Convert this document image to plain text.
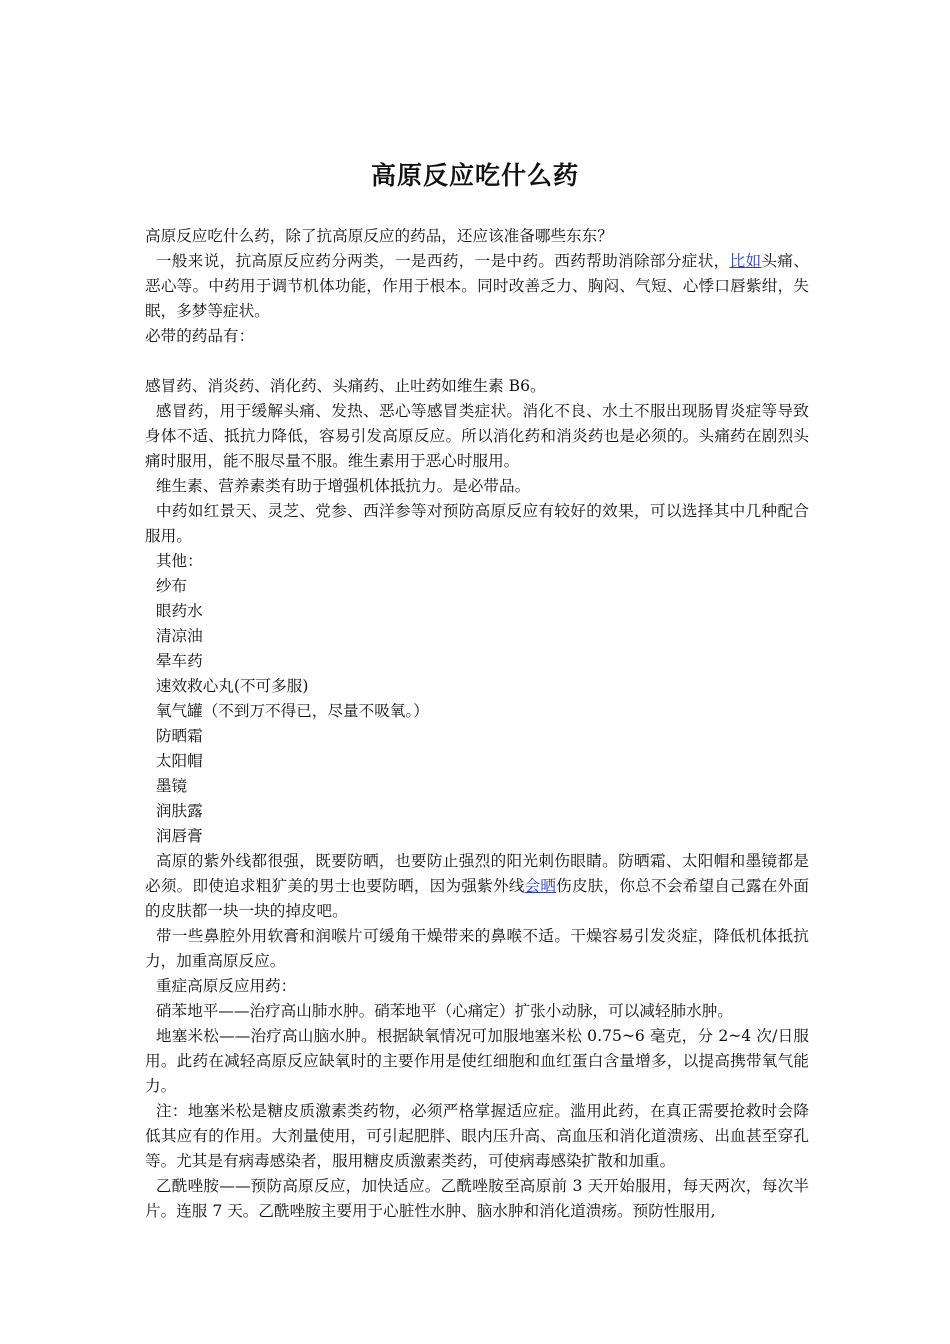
高原反应吃什么药

高原反应吃什么药，除了抗高原反应的药品，还应该准备哪些东东？

一般来说，抗高原反应药分两类，一是西药，一是中药。西药帮助消除部分症状，比如头痛、恶心等。中药用于调节机体功能，作用于根本。同时改善乏力、胸闷、气短、心悸口唇紫绀，失眠，多梦等症状。

必带的药品有：

感冒药、消炎药、消化药、头痛药、止吐药如维生素 B6。

感冒药，用于缓解头痛、发热、恶心等感冒类症状。消化不良、水土不服出现肠胃炎症等导致身体不适、抵抗力降低，容易引发高原反应。所以消化药和消炎药也是必须的。头痛药在剧烈头痛时服用，能不服尽量不服。维生素用于恶心时服用。

维生素、营养素类有助于增强机体抵抗力。是必带品。

中药如红景天、灵芝、党参、西洋参等对预防高原反应有较好的效果，可以选择其中几种配合服用。

其他：

纱布

眼药水

清凉油

晕车药

速效救心丸(不可多服)

氧气罐（不到万不得已，尽量不吸氧。）

防晒霜

太阳帽

墨镜

润肤露

润唇膏

高原的紫外线都很强，既要防晒，也要防止强烈的阳光刺伤眼睛。防晒霜、太阳帽和墨镜都是必须。即使追求粗犷美的男士也要防晒，因为强紫外线会晒伤皮肤，你总不会希望自己露在外面的皮肤都一块一块的掉皮吧。

带一些鼻腔外用软膏和润喉片可缓角干燥带来的鼻喉不适。干燥容易引发炎症，降低机体抵抗力，加重高原反应。

重症高原反应用药：

硝苯地平——治疗高山肺水肿。硝苯地平（心痛定）扩张小动脉，可以减轻肺水肿。

地塞米松——治疗高山脑水肿。根据缺氧情况可加服地塞米松 0.75~6 毫克，分 2~4 次/日服用。此药在减轻高原反应缺氧时的主要作用是使红细胞和血红蛋白含量增多，以提高携带氧气能力。

注：地塞米松是糖皮质激素类药物，必须严格掌握适应症。滥用此药，在真正需要抢救时会降低其应有的作用。大剂量使用，可引起肥胖、眼内压升高、高血压和消化道溃疡、出血甚至穿孔等。尤其是有病毒感染者，服用糖皮质激素类药，可使病毒感染扩散和加重。

乙酰唑胺——预防高原反应，加快适应。乙酰唑胺至高原前 3 天开始服用，每天两次，每次半片。连服 7 天。乙酰唑胺主要用于心脏性水肿、脑水肿和消化道溃疡。预防性服用,
